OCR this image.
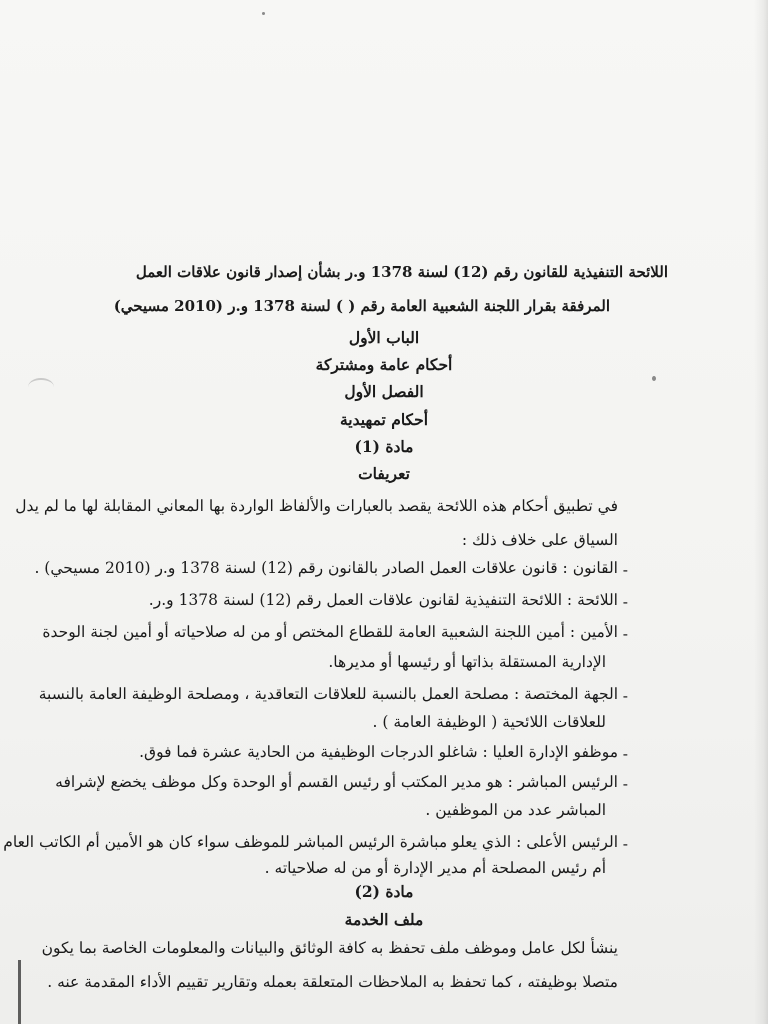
اللائحة التنفيذية للقانون رقم (12) لسنة 1378 و.ر بشأن إصدار قانون علاقات العمل
المرفقة بقرار اللجنة الشعبية العامة رقم ( ) لسنة 1378 و.ر (2010 مسيحي)
الباب الأول
أحكام عامة ومشتركة
الفصل الأول
أحكام تمهيدية
مادة (1)
تعريفات
في تطبيق أحكام هذه اللائحة يقصد بالعبارات والألفاظ الواردة بها المعاني المقابلة لها ما لم يدل
السياق على خلاف ذلك :
-
القانون : قانون علاقات العمل الصادر بالقانون رقم (12) لسنة 1378 و.ر (2010 مسيحي) .
-
اللائحة : اللائحة التنفيذية لقانون علاقات العمل رقم (12) لسنة 1378 و.ر.
-
الأمين : أمين اللجنة الشعبية العامة للقطاع المختص أو من له صلاحياته أو أمين لجنة الوحدة
الإدارية المستقلة بذاتها أو رئيسها أو مديرها.
-
الجهة المختصة : مصلحة العمل بالنسبة للعلاقات التعاقدية ، ومصلحة الوظيفة العامة بالنسبة
للعلاقات اللائحية ( الوظيفة العامة ) .
-
موظفو الإدارة العليا : شاغلو الدرجات الوظيفية من الحادية عشرة فما فوق.
-
الرئيس المباشر : هو مدير المكتب أو رئيس القسم أو الوحدة وكل موظف يخضع لإشرافه
المباشر عدد من الموظفين .
-
الرئيس الأعلى : الذي يعلو مباشرة الرئيس المباشر للموظف سواء كان هو الأمين أم الكاتب العام
أم رئيس المصلحة أم مدير الإدارة أو من له صلاحياته .
مادة (2)
ملف الخدمة
ينشأ لكل عامل وموظف ملف تحفظ به كافة الوثائق والبيانات والمعلومات الخاصة بما يكون
متصلا بوظيفته ، كما تحفظ به الملاحظات المتعلقة بعمله وتقارير تقييم الأداء المقدمة عنه .
